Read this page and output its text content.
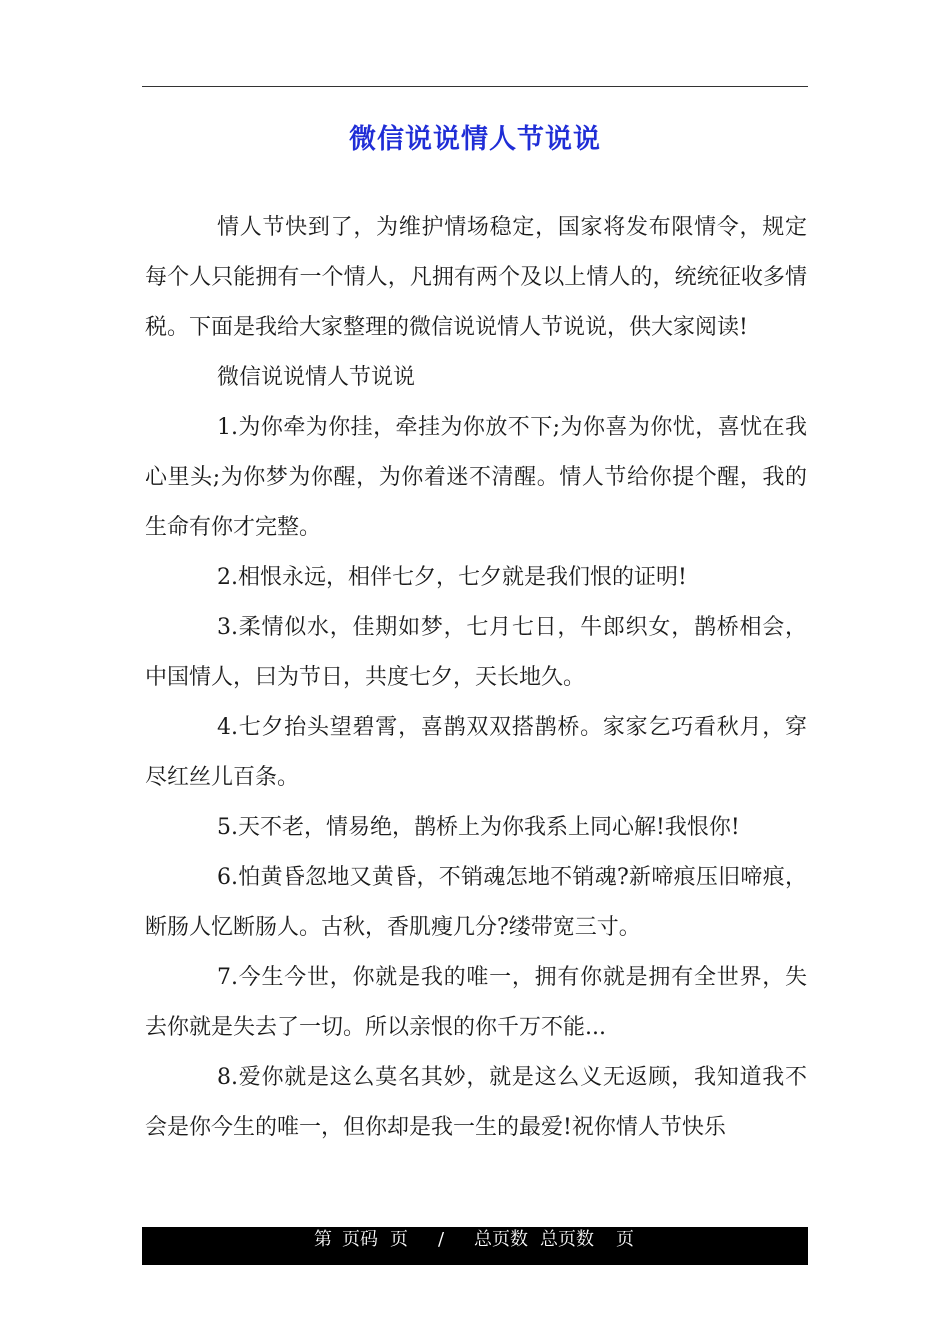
微信说说情人节说说

情人节快到了，为维护情场稳定，国家将发布限情令，规定每个人只能拥有一个情人，凡拥有两个及以上情人的，统统征收多情税。下面是我给大家整理的微信说说情人节说说，供大家阅读!

微信说说情人节说说

1.为你牵为你挂，牵挂为你放不下;为你喜为你忧，喜忧在我心里头;为你梦为你醒，为你着迷不清醒。情人节给你提个醒，我的生命有你才完整。

2.相恨永远，相伴七夕，七夕就是我们恨的证明!

3.柔情似水，佳期如梦，七月七日，牛郎织女，鹊桥相会，中国情人，曰为节日，共度七夕，天长地久。

4.七夕抬头望碧霄，喜鹊双双搭鹊桥。家家乞巧看秋月，穿尽红丝儿百条。

5.天不老，情易绝，鹊桥上为你我系上同心解!我恨你!

6.怕黄昏忽地又黄昏，不销魂怎地不销魂?新啼痕压旧啼痕，断肠人忆断肠人。古秋，香肌瘦几分?缕带宽三寸。

7.今生今世，你就是我的唯一，拥有你就是拥有全世界，失去你就是失去了一切。所以亲恨的你千万不能...

8.爱你就是这么莫名其妙，就是这么义无返顾，我知道我不会是你今生的唯一，但你却是我一生的最爱!祝你情人节快乐

第 页码 页 / 总页数 总页数 页
